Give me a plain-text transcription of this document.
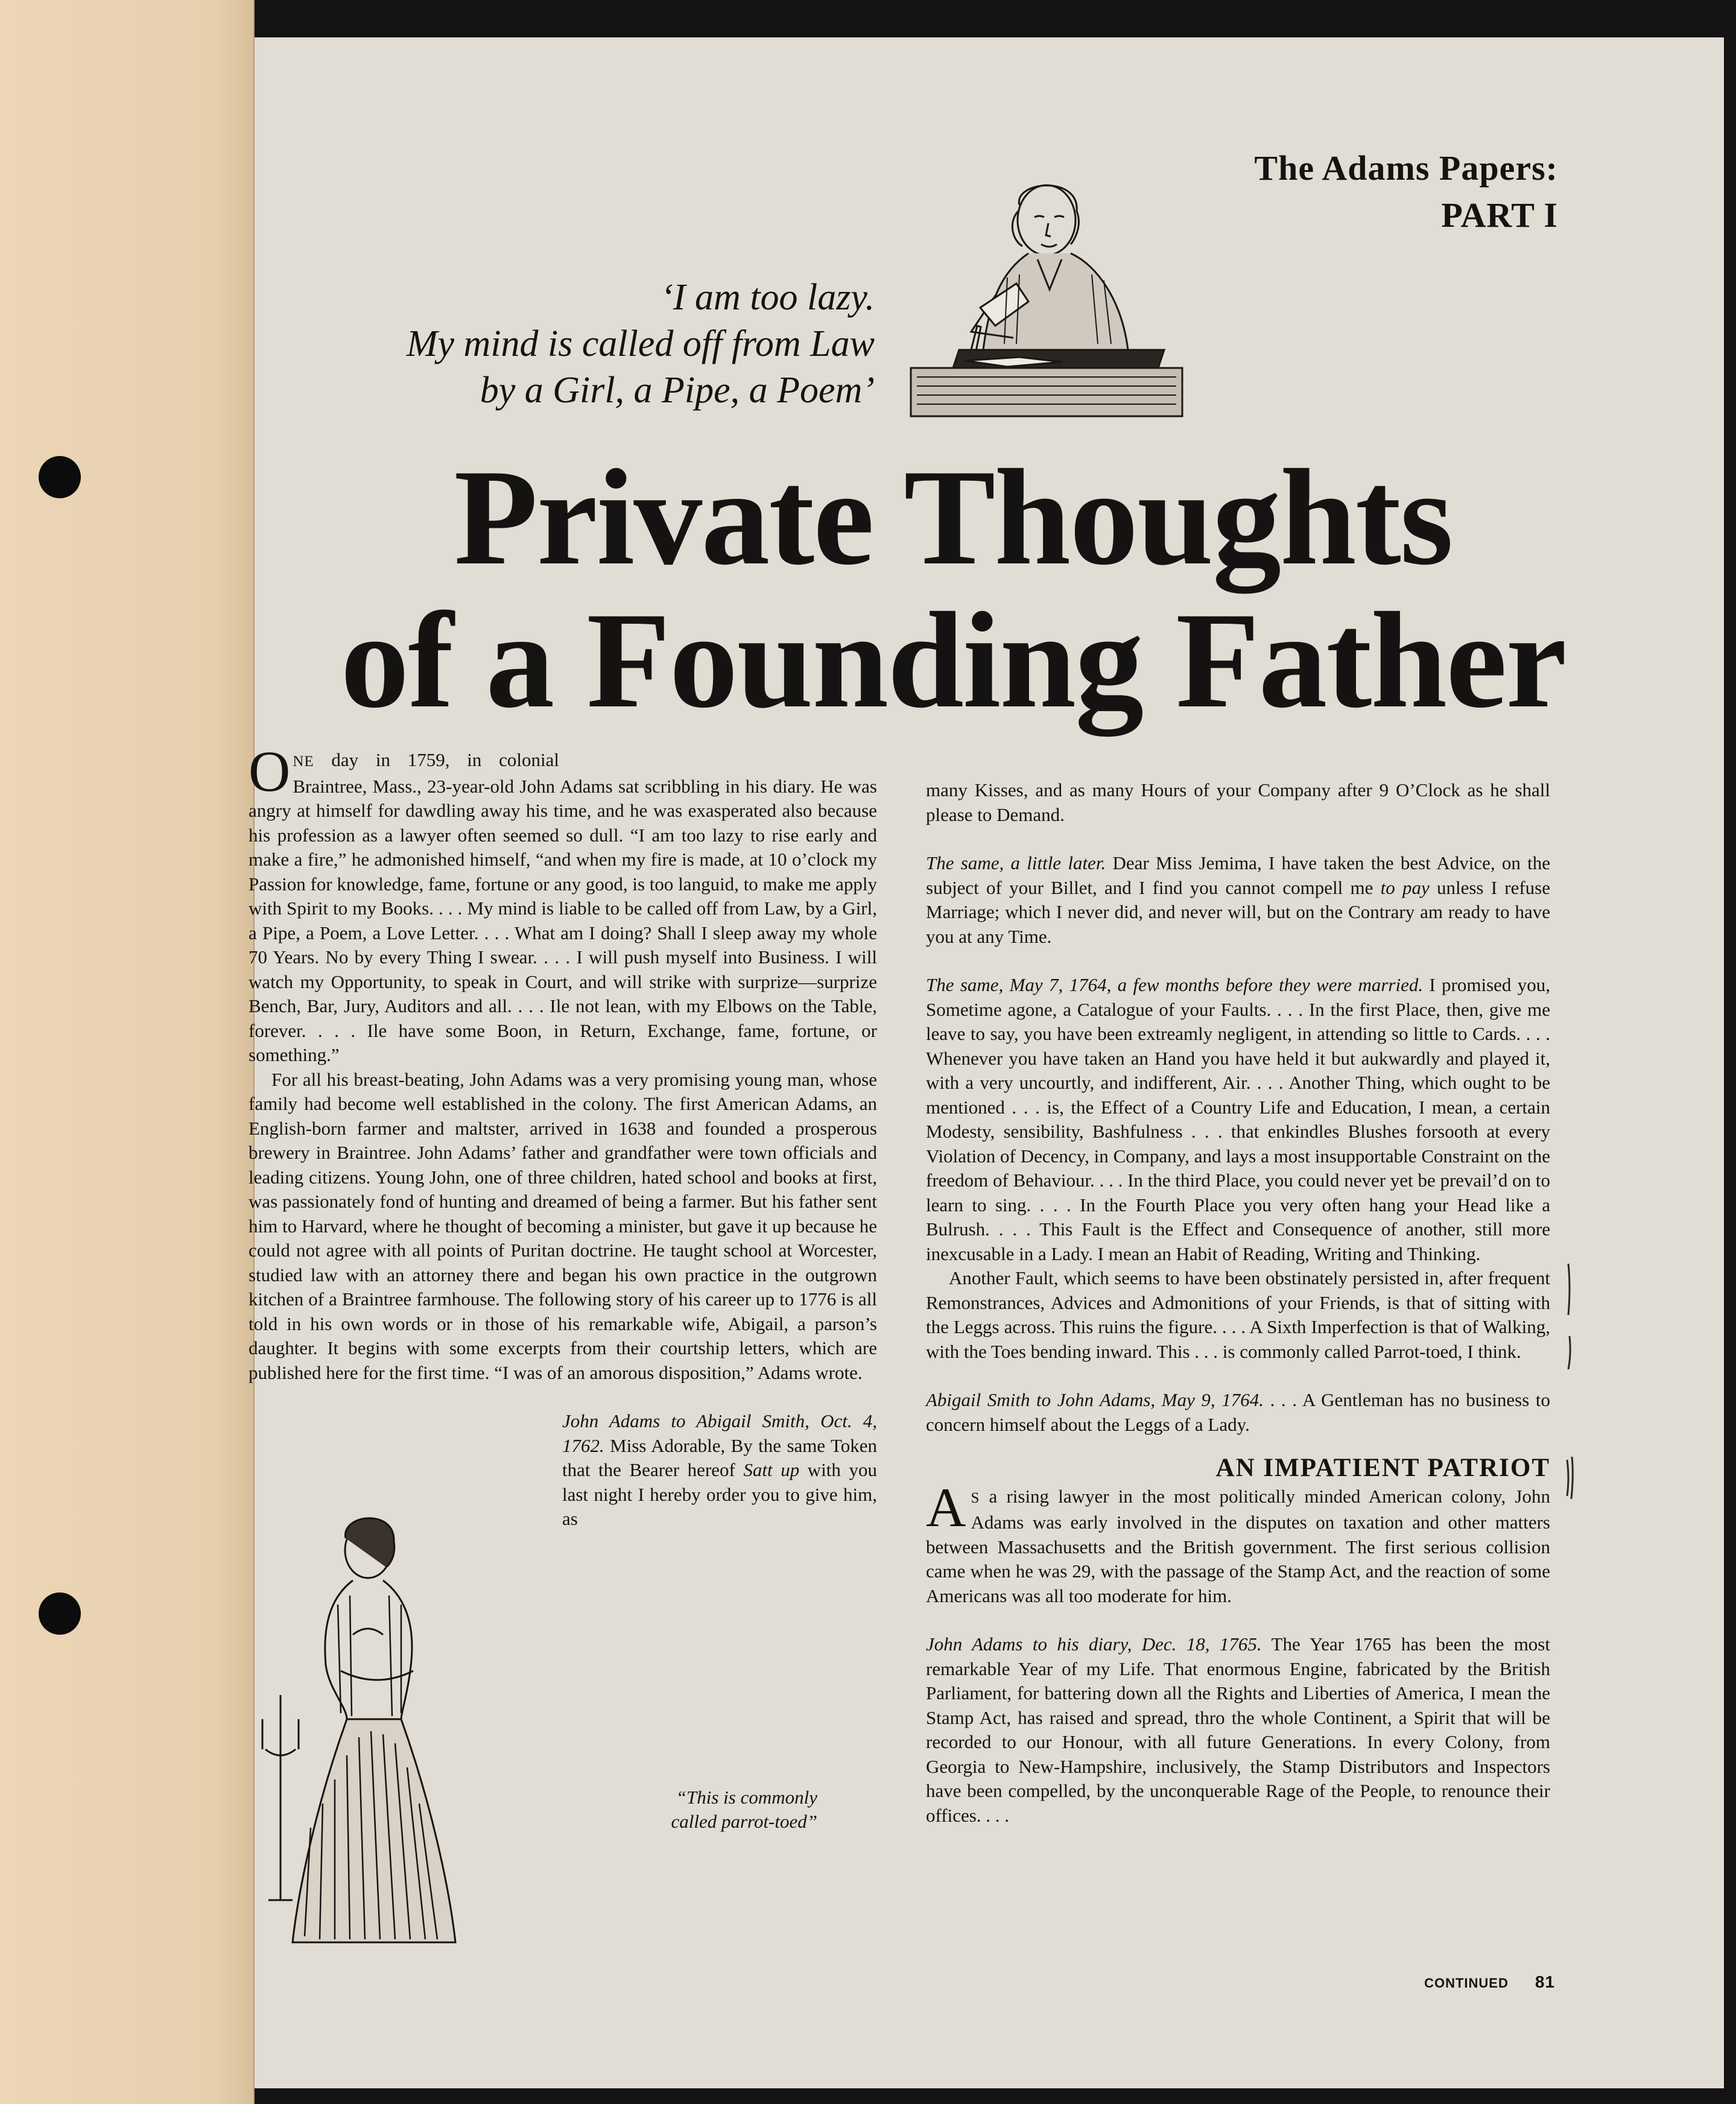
The Adams Papers:
PART I
‘I am too lazy.
My mind is called off from Law
by a Girl, a Pipe, a Poem’
Private Thoughts
of a Founding Father

ONE day in 1759, in colonial Braintree, Mass., 23-year-old John Adams sat scribbling in his diary. He was angry at himself for dawdling away his time, and he was exasperated also because his profession as a lawyer often seemed so dull. “I am too lazy to rise early and make a fire,” he admonished himself, “and when my fire is made, at 10 o’clock my Passion for knowledge, fame, fortune or any good, is too languid, to make me apply with Spirit to my Books. . . . My mind is liable to be called off from Law, by a Girl, a Pipe, a Poem, a Love Letter. . . . What am I doing? Shall I sleep away my whole 70 Years. No by every Thing I swear. . . . I will push myself into Business. I will watch my Opportunity, to speak in Court, and will strike with surprize—surprize Bench, Bar, Jury, Auditors and all. . . . Ile not lean, with my Elbows on the Table, forever. . . . Ile have some Boon, in Return, Exchange, fame, fortune, or something.”

For all his breast-beating, John Adams was a very promising young man, whose family had become well established in the colony. The first American Adams, an English-born farmer and maltster, arrived in 1638 and founded a prosperous brewery in Braintree. John Adams’ father and grandfather were town officials and leading citizens. Young John, one of three children, hated school and books at first, was passionately fond of hunting and dreamed of being a farmer. But his father sent him to Harvard, where he thought of becoming a minister, but gave it up because he could not agree with all points of Puritan doctrine. He taught school at Worcester, studied law with an attorney there and began his own practice in the outgrown kitchen of a Braintree farmhouse. The following story of his career up to 1776 is all told in his own words or in those of his remarkable wife, Abigail, a parson’s daughter. It begins with some excerpts from their courtship letters, which are published here for the first time. “I was of an amorous disposition,” Adams wrote.

John Adams to Abigail Smith, Oct. 4, 1762. Miss Adorable, By the same Token that the Bearer hereof Satt up with you last night I hereby order you to give him, as

“This is commonly
called parrot-toed”

many Kisses, and as many Hours of your Company after 9 O’Clock as he shall please to Demand.

The same, a little later. Dear Miss Jemima, I have taken the best Advice, on the subject of your Billet, and I find you cannot compell me to pay unless I refuse Marriage; which I never did, and never will, but on the Contrary am ready to have you at any Time.

The same, May 7, 1764, a few months before they were married. I promised you, Sometime agone, a Catalogue of your Faults. . . . In the first Place, then, give me leave to say, you have been extreamly negligent, in attending so little to Cards. . . . Whenever you have taken an Hand you have held it but aukwardly and played it, with a very uncourtly, and indifferent, Air. . . . Another Thing, which ought to be mentioned . . . is, the Effect of a Country Life and Education, I mean, a certain Modesty, sensibility, Bashfulness . . . that enkindles Blushes forsooth at every Violation of Decency, in Company, and lays a most insupportable Constraint on the freedom of Behaviour. . . . In the third Place, you could never yet be prevail’d on to learn to sing. . . . In the Fourth Place you very often hang your Head like a Bulrush. . . . This Fault is the Effect and Consequence of another, still more inexcusable in a Lady. I mean an Habit of Reading, Writing and Thinking.

Another Fault, which seems to have been obstinately persisted in, after frequent Remonstrances, Advices and Admonitions of your Friends, is that of sitting with the Leggs across. This ruins the figure. . . . A Sixth Imperfection is that of Walking, with the Toes bending inward. This . . . is commonly called Parrot-toed, I think.

Abigail Smith to John Adams, May 9, 1764. . . . A Gentleman has no business to concern himself about the Leggs of a Lady.

AN IMPATIENT PATRIOT

A S a rising lawyer in the most politically minded American colony, John Adams was early involved in the disputes on taxation and other matters between Massachusetts and the British government. The first serious collision came when he was 29, with the passage of the Stamp Act, and the reaction of some Americans was all too moderate for him.

John Adams to his diary, Dec. 18, 1765. The Year 1765 has been the most remarkable Year of my Life. That enormous Engine, fabricated by the British Parliament, for battering down all the Rights and Liberties of America, I mean the Stamp Act, has raised and spread, thro the whole Continent, a Spirit that will be recorded to our Honour, with all future Generations. In every Colony, from Georgia to New-Hampshire, inclusively, the Stamp Distributors and Inspectors have been compelled, by the unconquerable Rage of the People, to renounce their offices. . . .

CONTINUED 81
